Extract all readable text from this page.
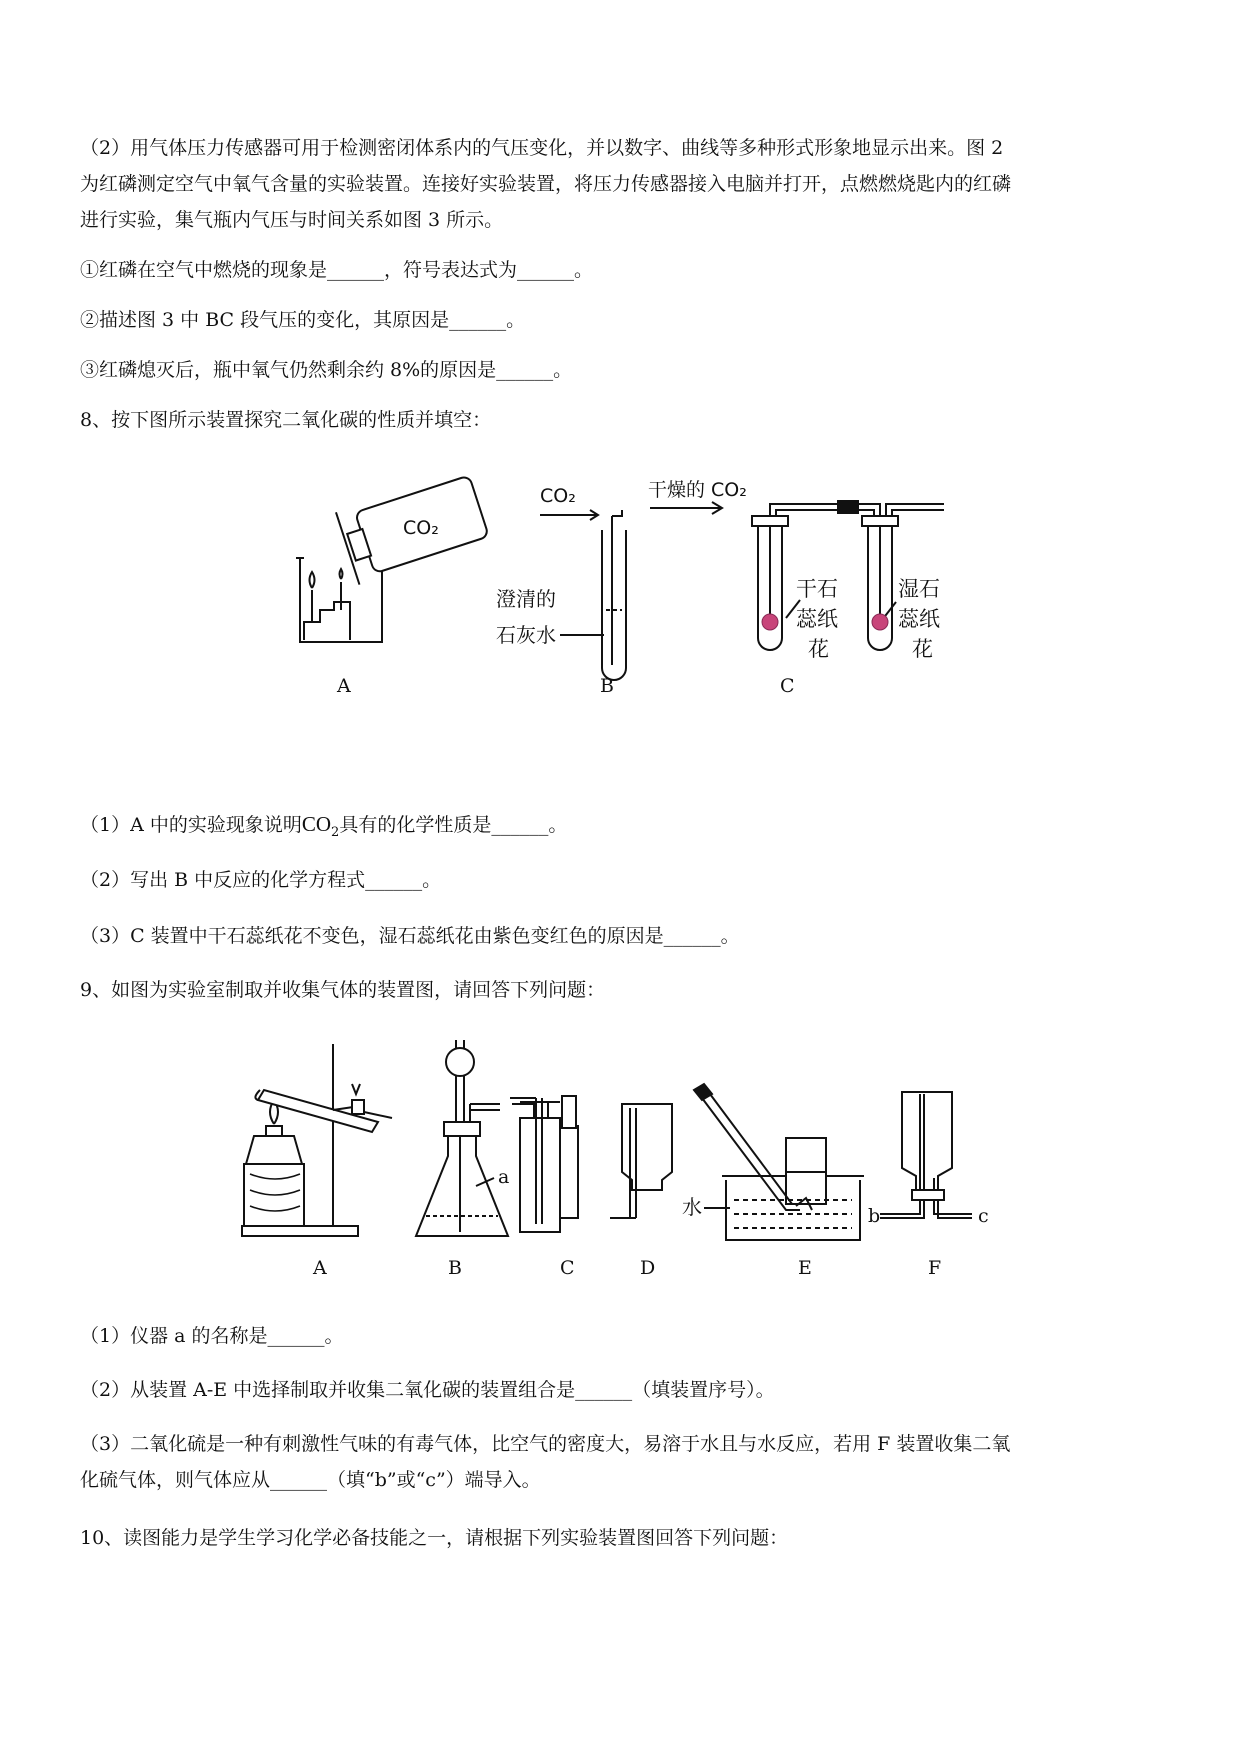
（2）用气体压力传感器可用于检测密闭体系内的气压变化，并以数字、曲线等多种形式形象地显示出来。图 2

为红磷测定空气中氧气含量的实验装置。连接好实验装置，将压力传感器接入电脑并打开，点燃燃烧匙内的红磷

进行实验，集气瓶内气压与时间关系如图 3 所示。

①红磷在空气中燃烧的现象是______，符号表达式为______。

②描述图 3 中 BC 段气压的变化，其原因是______。

③红磷熄灭后，瓶中氧气仍然剩余约 8%的原因是______。

8、按下图所示装置探究二氧化碳的性质并填空：

CO₂
CO₂
澄清的
石灰水
干燥的 CO₂
干石
蕊纸
花
湿石
蕊纸
花
A	B	C

（1）A 中的实验现象说明$CO_2$具有的化学性质是______。

（2）写出 B 中反应的化学方程式______。

（3）C 装置中干石蕊纸花不变色，湿石蕊纸花由紫色变红色的原因是______。

9、如图为实验室制取并收集气体的装置图，请回答下列问题：

a
水	b	c
A	B	C	D	E	F

（1）仪器 a 的名称是______。

（2）从装置 A-E 中选择制取并收集二氧化碳的装置组合是______（填装置序号）。

（3）二氧化硫是一种有刺激性气味的有毒气体，比空气的密度大，易溶于水且与水反应，若用 F 装置收集二氧

化硫气体，则气体应从______（填“b”或“c”）端导入。

10、读图能力是学生学习化学必备技能之一，请根据下列实验装置图回答下列问题：
